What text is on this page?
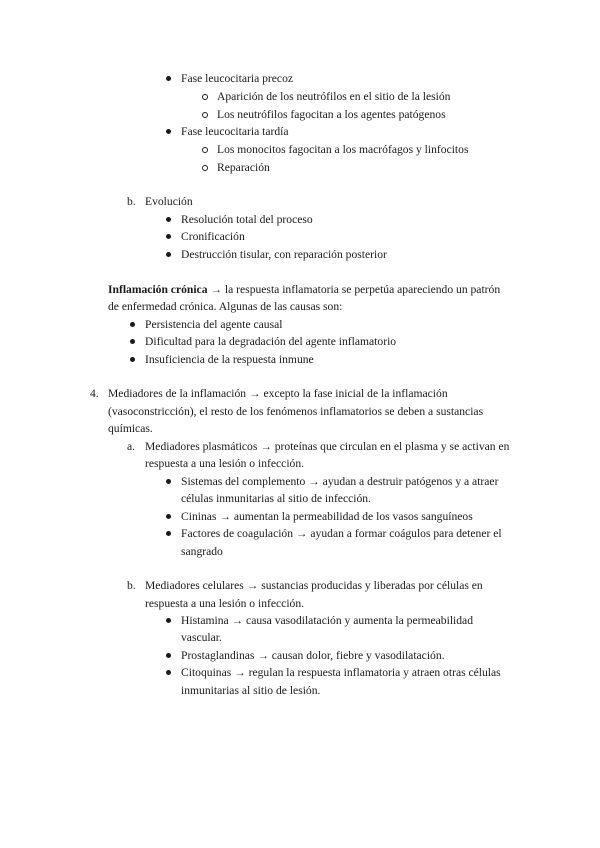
Fase leucocitaria precoz
Aparición de los neutrófilos en el sitio de la lesión
Los neutrófilos fagocitan a los agentes patógenos
Fase leucocitaria tardía
Los monocitos fagocitan a los macrófagos y linfocitos
Reparación
b. Evolución
Resolución total del proceso
Cronificación
Destrucción tisular, con reparación posterior
Inflamación crónica → la respuesta inflamatoria se perpetúa apareciendo un patrón
de enfermedad crónica. Algunas de las causas son:
Persistencia del agente causal
Dificultad para la degradación del agente inflamatorio
Insuficiencia de la respuesta inmune
4. Mediadores de la inflamación → excepto la fase inicial de la inflamación
(vasoconstricción), el resto de los fenómenos inflamatorios se deben a sustancias
químicas.
a. Mediadores plasmáticos → proteínas que circulan en el plasma y se activan en
respuesta a una lesión o infección.
Sistemas del complemento → ayudan a destruir patógenos y a atraer
células inmunitarias al sitio de infección.
Cininas → aumentan la permeabilidad de los vasos sanguíneos
Factores de coagulación → ayudan a formar coágulos para detener el
sangrado
b. Mediadores celulares → sustancias producidas y liberadas por células en
respuesta a una lesión o infección.
Histamina → causa vasodilatación y aumenta la permeabilidad
vascular.
Prostaglandinas → causan dolor, fiebre y vasodilatación.
Citoquinas → regulan la respuesta inflamatoria y atraen otras células
inmunitarias al sitio de lesión.
